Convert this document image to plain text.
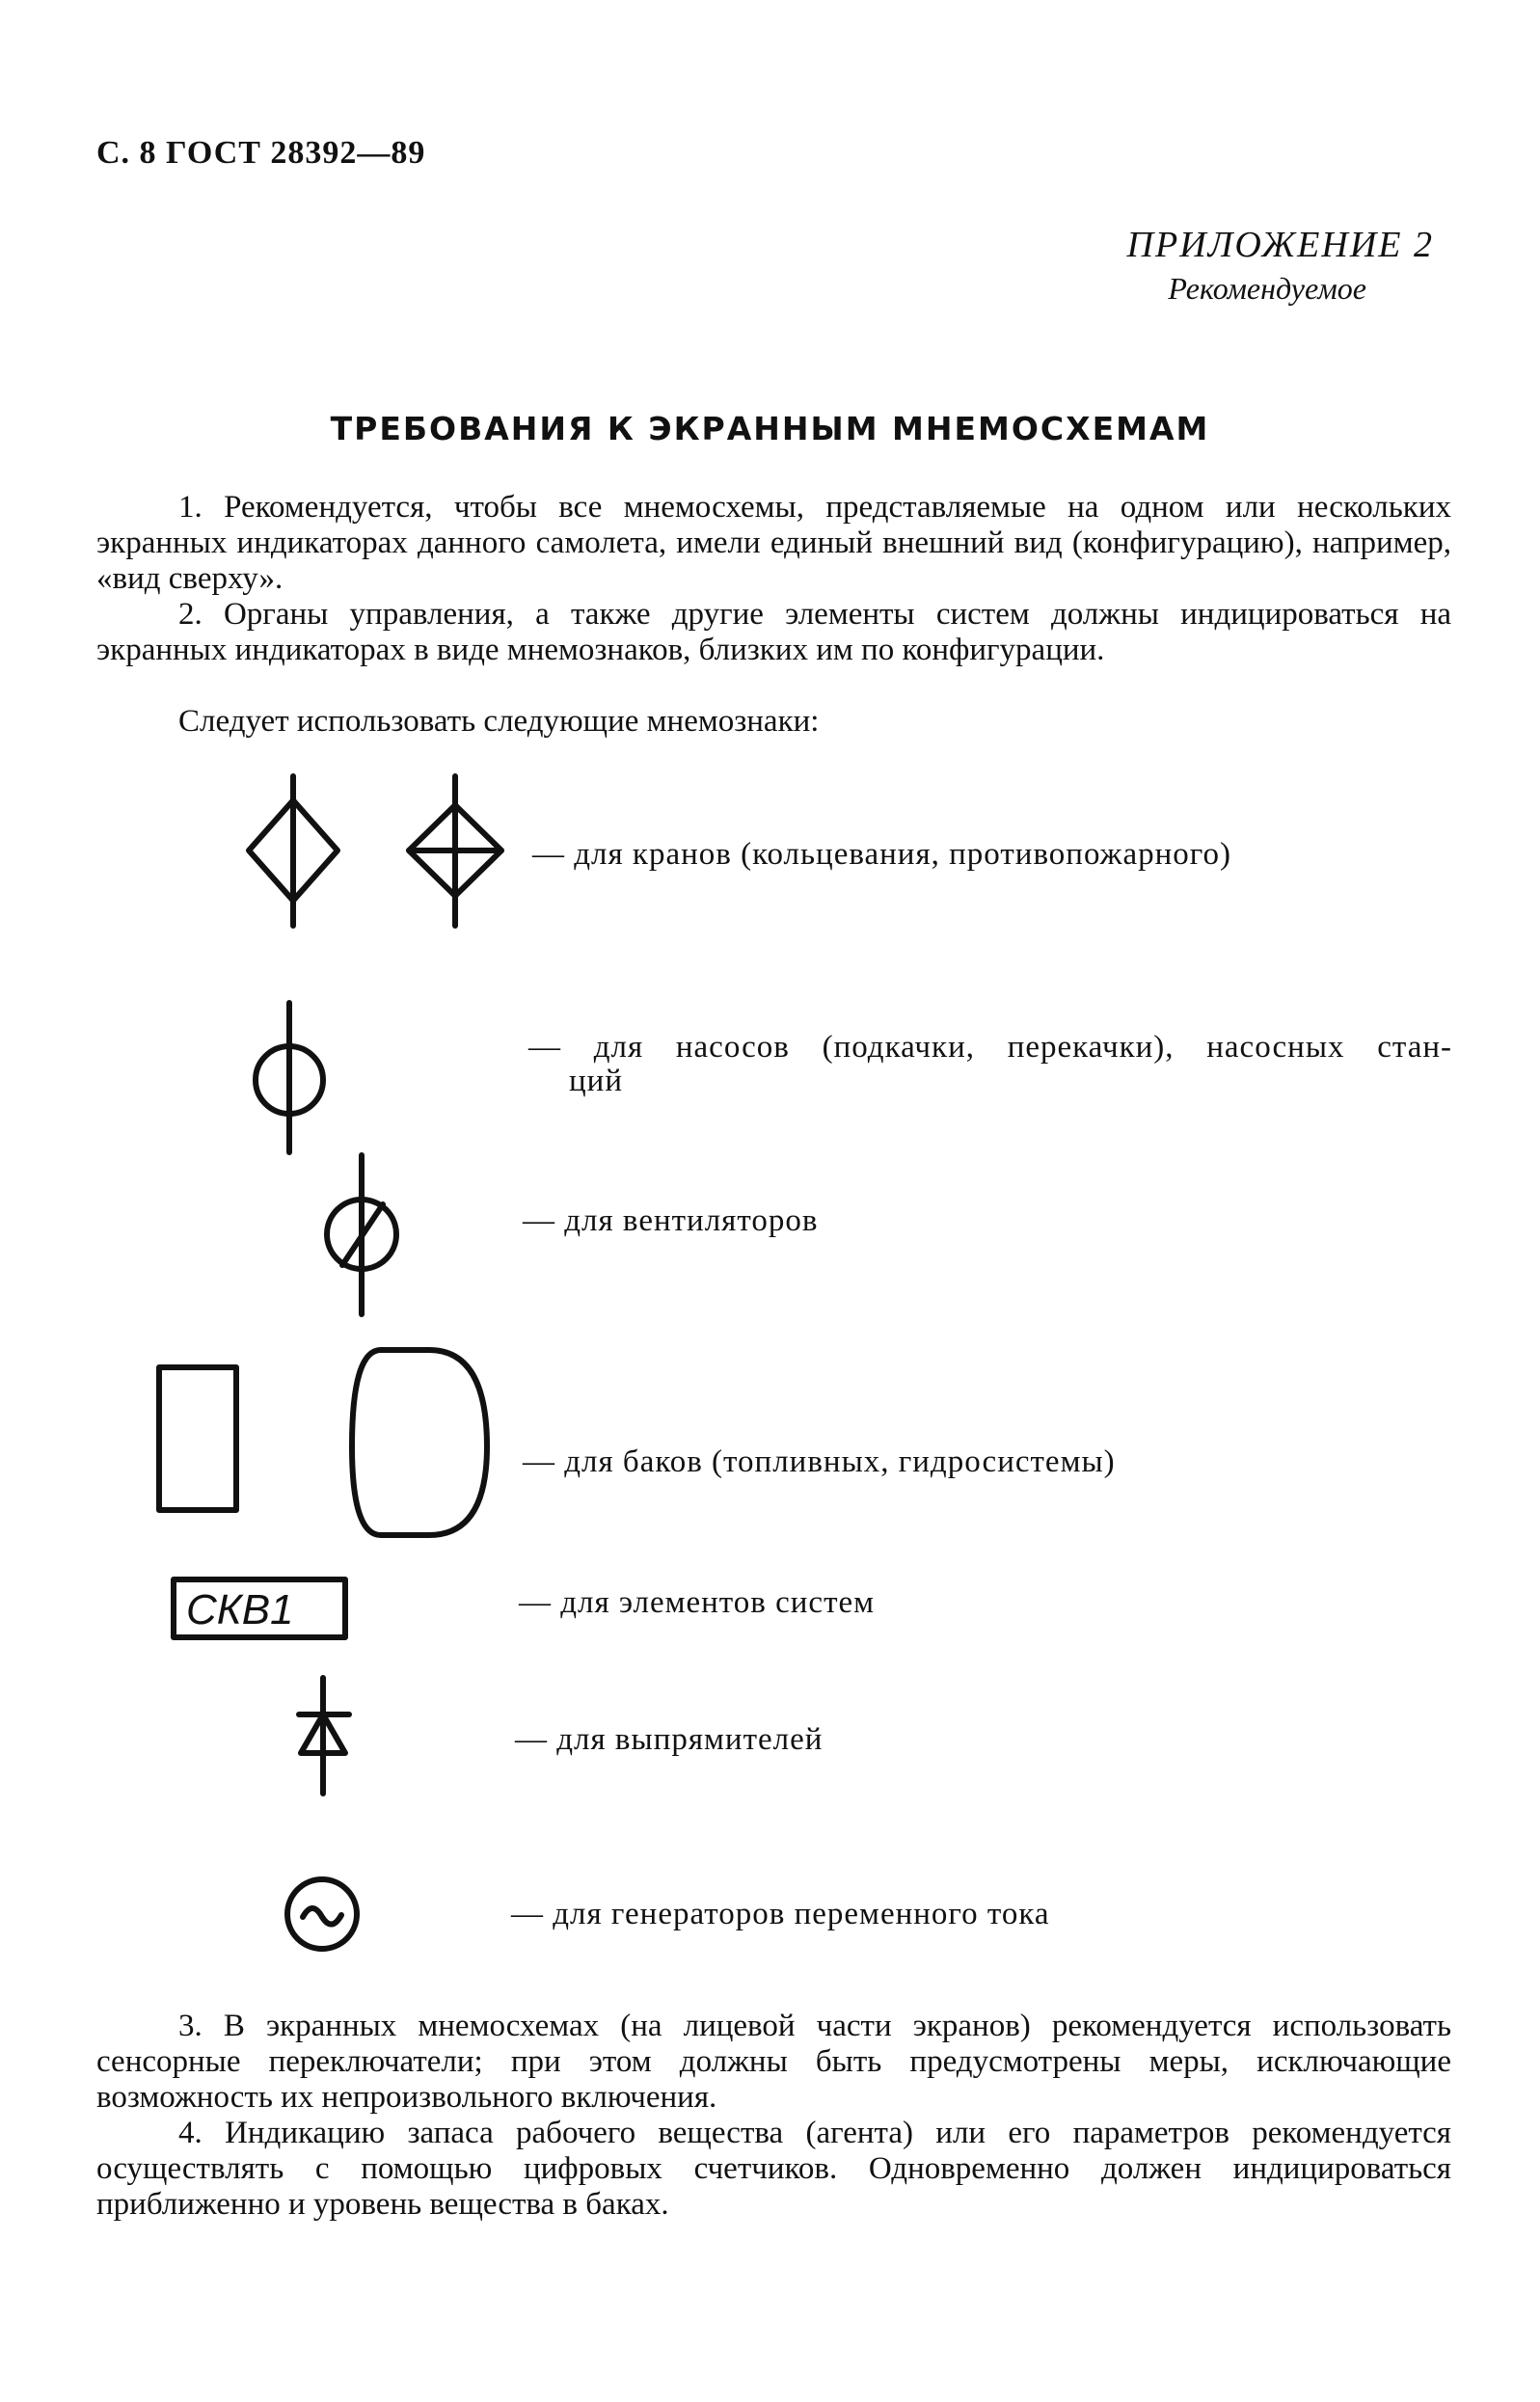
С. 8 ГОСТ 28392—89
ПРИЛОЖЕНИЕ 2
Рекомендуемое
ТРЕБОВАНИЯ К ЭКРАННЫМ МНЕМОСХЕМАМ

1. Рекомендуется, чтобы все мнемосхемы, представляемые на одном или нескольких экранных индикаторах данного самолета, имели единый внешний вид (конфигурацию), например, «вид сверху».

2. Органы управления, а также другие элементы систем должны индицироваться на экранных индикаторах в виде мнемознаков, близких им по конфигурации.

Следует использовать следующие мнемознаки:

СКВ1
— для кранов (кольцевания, противопожарного)
— для насосов (подкачки, перекачки), насосных стан-
ций
— для вентиляторов
— для баков (топливных, гидросистемы)
— для элементов систем
— для выпрямителей
— для генераторов переменного тока

3. В экранных мнемосхемах (на лицевой части экранов) рекомендуется использовать сенсорные переключатели; при этом должны быть предусмотрены меры, исключающие возможность их непроизвольного включения.

4. Индикацию запаса рабочего вещества (агента) или его параметров рекомендуется осуществлять с помощью цифровых счетчиков. Одновременно должен индицироваться приближенно и уровень вещества в баках.
